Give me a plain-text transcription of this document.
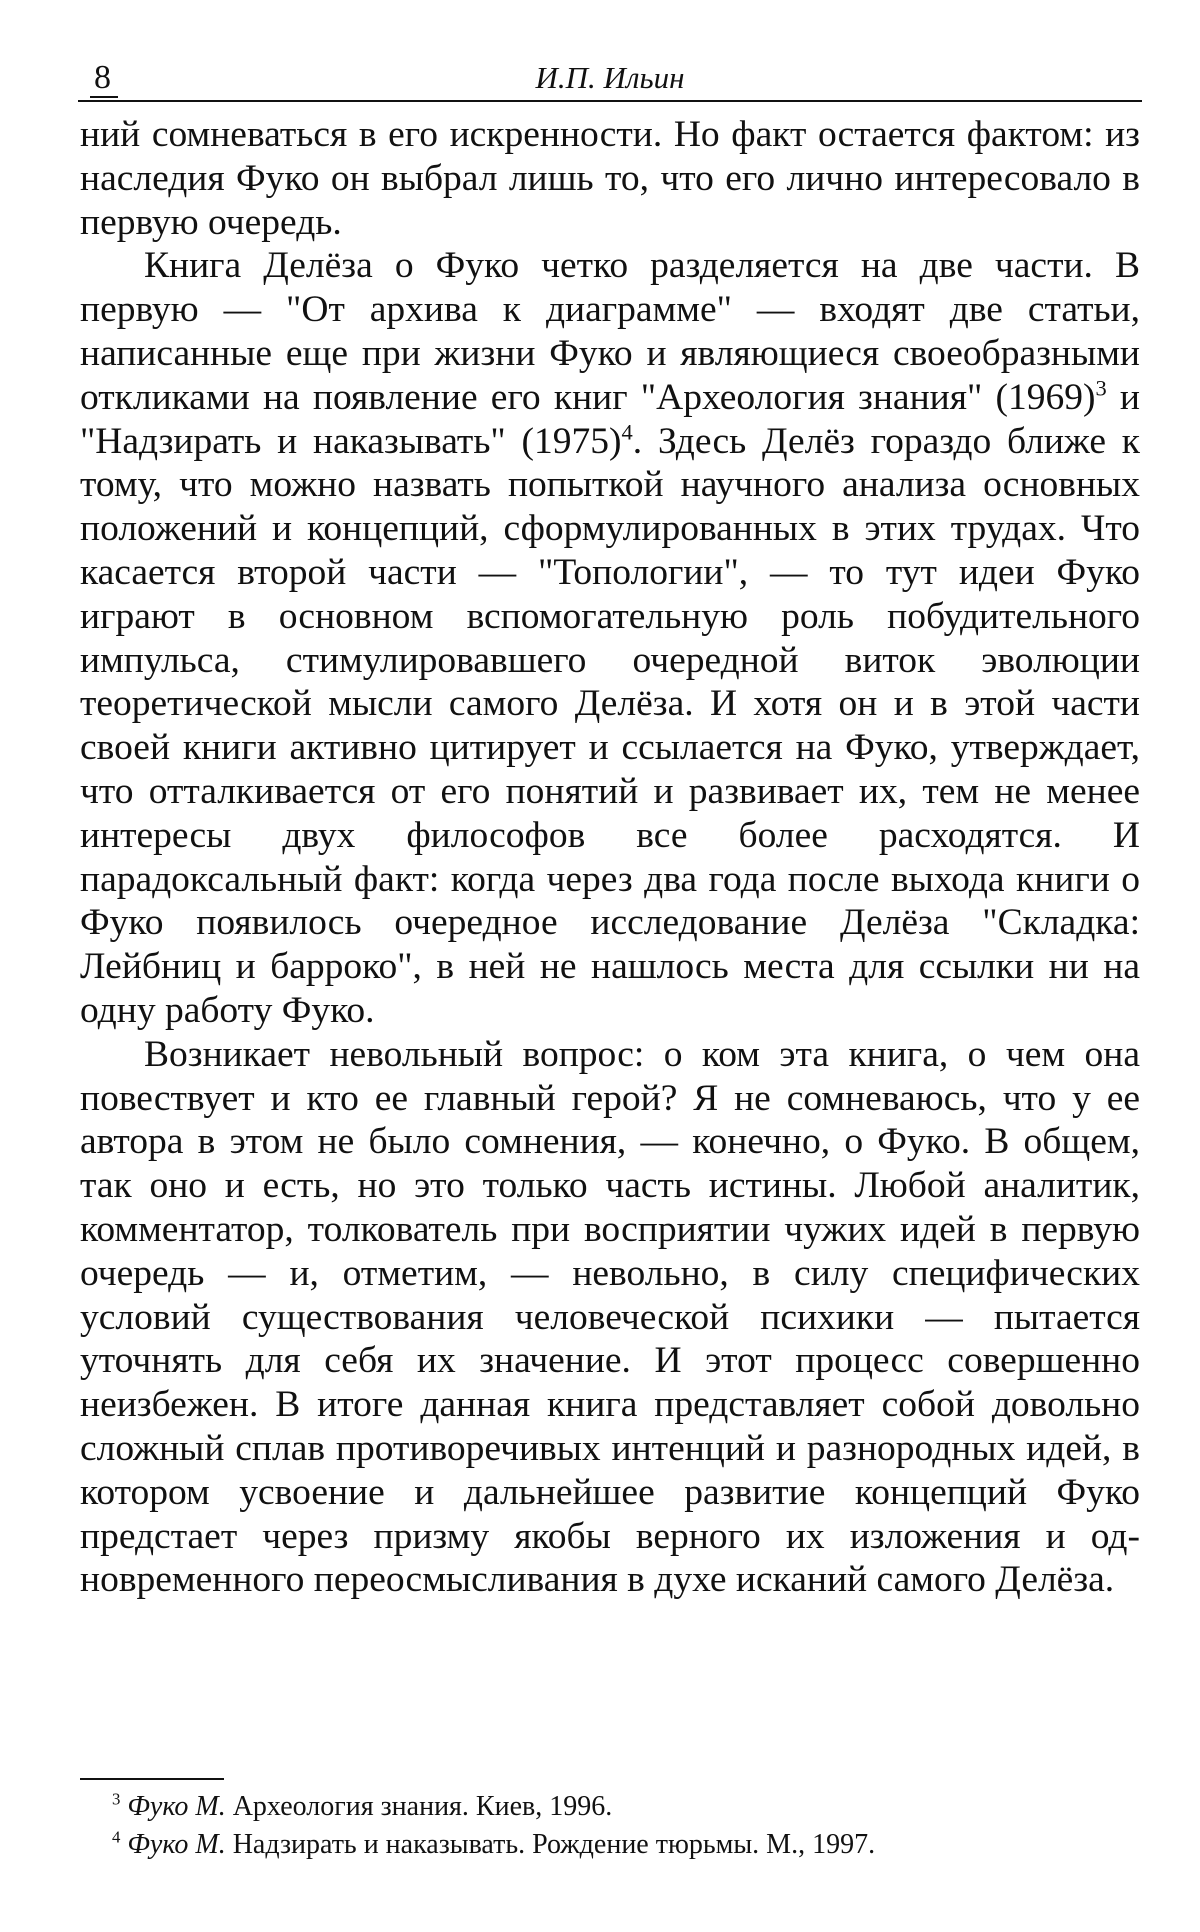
8	И.П. Ильин

ний сомневаться в его искренности. Но факт остается фактом: из наследия Фуко он выбрал лишь то, что его лично интересовало в первую очередь.

Книга Делёза о Фуко четко разделяется на две части. В первую — "От архива к диаграмме" — входят две статьи, написанные еще при жизни Фуко и являющиеся своеобразными откликами на появление его книг "Археология знания" $(1969)^3$ и "Надзирать и наказывать" $(1975)^4$. Здесь Делёз гораздо ближе к тому, что можно назвать попыткой научного анализа основных положений и концепций, сформулированных в этих трудах. Что касается второй части — "Топологии", — то тут идеи Фуко играют в основном вспомогательную роль побудительного импульса, стимулировавшего очередной виток эволюции теоретической мысли самого Делёза. И хотя он и в этой части своей книги активно цитирует и ссылается на Фуко, утверждает, что отталкивается от его понятий и развивает их, тем не менее интересы двух философов все более расходятся. И парадоксальный факт: когда через два года после выхода книги о Фуко появилось очередное исследование Делёза "Складка: Лейбниц и барроко", в ней не нашлось места для ссылки ни на одну работу Фуко.

Возникает невольный вопрос: о ком эта книга, о чем она повествует и кто ее главный герой? Я не сомневаюсь, что у ее автора в этом не было сомнения, — конечно, о Фуко. В общем, так оно и есть, но это только часть истины. Любой аналитик, комментатор, толкователь при восприятии чужих идей в первую очередь — и, отметим, — невольно, в силу специфических условий существования человеческой психики — пытается уточнять для себя их значение. И этот процесс совершенно неизбежен. В итоге данная книга представляет собой довольно сложный сплав противоречивых интенций и разнородных идей, в котором усвоение и дальнейшее развитие концепций Фуко предстает через призму якобы верного их изложения и одновременного переосмысливания в духе исканий самого Делёза.

$^3$ Фуко М. Археология знания. Киев, 1996.

$^4$ Фуко М. Надзирать и наказывать. Рождение тюрьмы. М., 1997.
